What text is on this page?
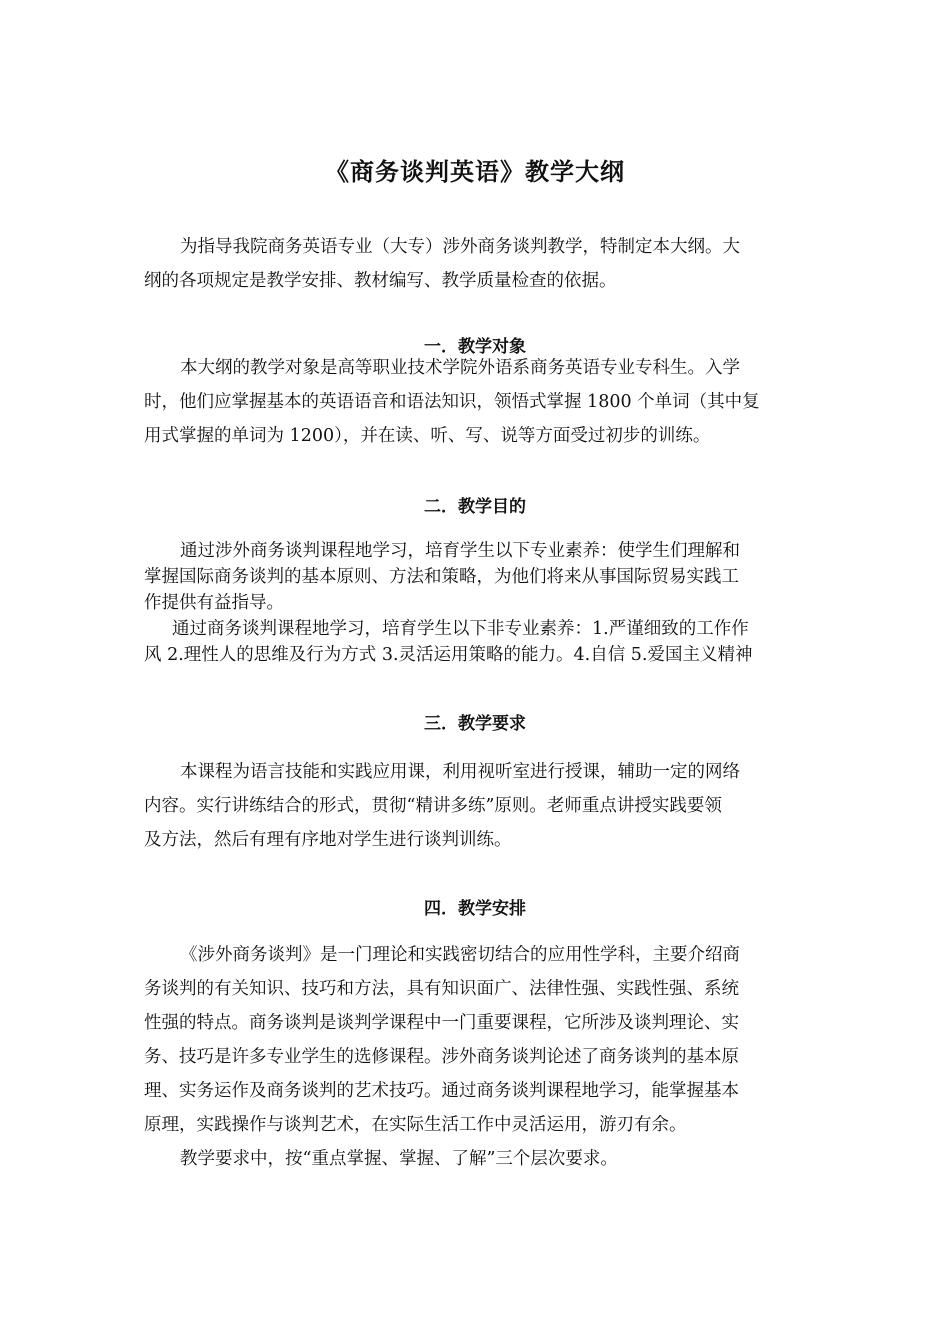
《商务谈判英语》教学大纲
为指导我院商务英语专业（大专）涉外商务谈判教学，特制定本大纲。大
纲的各项规定是教学安排、教材编写、教学质量检查的依据。
一．教学对象
本大纲的教学对象是高等职业技术学院外语系商务英语专业专科生。入学
时，他们应掌握基本的英语语音和语法知识，领悟式掌握 1800 个单词（其中复
用式掌握的单词为 1200），并在读、听、写、说等方面受过初步的训练。
二．教学目的
通过涉外商务谈判课程地学习，培育学生以下专业素养：使学生们理解和
掌握国际商务谈判的基本原则、方法和策略，为他们将来从事国际贸易实践工
作提供有益指导。
通过商务谈判课程地学习，培育学生以下非专业素养：1.严谨细致的工作作
风 2.理性人的思维及行为方式 3.灵活运用策略的能力。4.自信 5.爱国主义精神
三．教学要求
本课程为语言技能和实践应用课，利用视听室进行授课，辅助一定的网络
内容。实行讲练结合的形式，贯彻“精讲多练”原则。老师重点讲授实践要领
及方法，然后有理有序地对学生进行谈判训练。
四．教学安排
《涉外商务谈判》是一门理论和实践密切结合的应用性学科，主要介绍商
务谈判的有关知识、技巧和方法，具有知识面广、法律性强、实践性强、系统
性强的特点。商务谈判是谈判学课程中一门重要课程，它所涉及谈判理论、实
务、技巧是许多专业学生的选修课程。涉外商务谈判论述了商务谈判的基本原
理、实务运作及商务谈判的艺术技巧。通过商务谈判课程地学习，能掌握基本
原理，实践操作与谈判艺术，在实际生活工作中灵活运用，游刃有余。
教学要求中，按“重点掌握、掌握、了解”三个层次要求。
